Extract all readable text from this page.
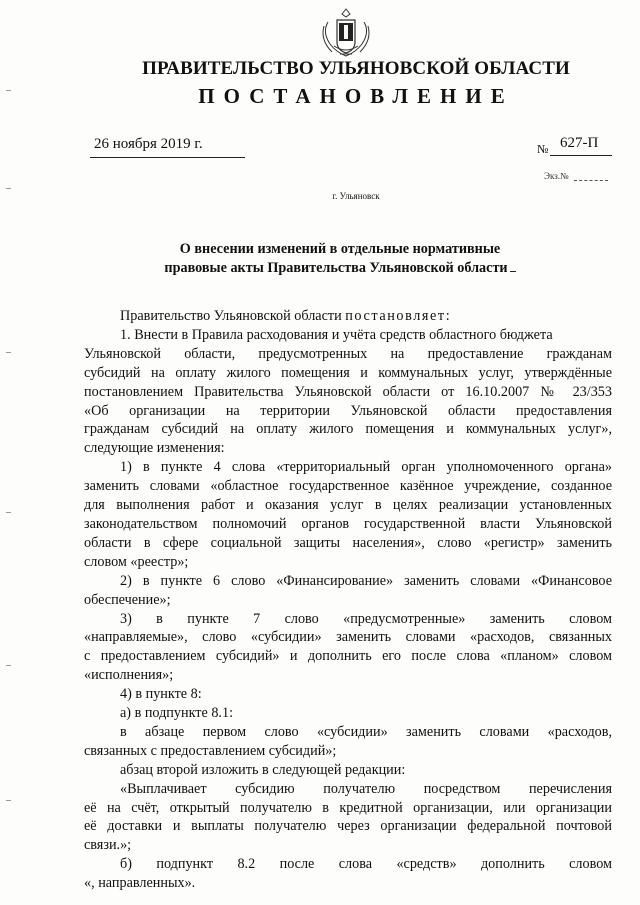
ПРАВИТЕЛЬСТВО УЛЬЯНОВСКОЙ ОБЛАСТИ
ПОСТАНОВЛЕНИЕ
26 ноября 2019 г.	№ 627-П
Экз.№
г. Ульяновск
О внесении изменений в отдельные нормативные
правовые акты Правительства Ульяновской области

Правительство Ульяновской области постановляет:

1. Внести в Правила расходования и учёта средств областного бюджета

Ульяновской области, предусмотренных на предоставление гражданам

субсидий на оплату жилого помещения и коммунальных услуг, утверждённые

постановлением Правительства Ульяновской области от 16.10.2007 № 23/353

«Об организации на территории Ульяновской области предоставления

гражданам субсидий на оплату жилого помещения и коммунальных услуг»,

следующие изменения:

1) в пункте 4 слова «территориальный орган уполномоченного органа»

заменить словами «областное государственное казённое учреждение, созданное

для выполнения работ и оказания услуг в целях реализации установленных

законодательством полномочий органов государственной власти Ульяновской

области в сфере социальной защиты населения», слово «регистр» заменить

словом «реестр»;

2) в пункте 6 слово «Финансирование» заменить словами «Финансовое

обеспечение»;

3) в пункте 7 слово «предусмотренные» заменить словом

«направляемые», слово «субсидии» заменить словами «расходов, связанных

с предоставлением субсидий» и дополнить его после слова «планом» словом

«исполнения»;

4) в пункте 8:

а) в подпункте 8.1:

в абзаце первом слово «субсидии» заменить словами «расходов,

связанных с предоставлением субсидий»;

абзац второй изложить в следующей редакции:

«Выплачивает субсидию получателю посредством перечисления

её на счёт, открытый получателю в кредитной организации, или организации

её доставки и выплаты получателю через организации федеральной почтовой

связи.»;

б) подпункт 8.2 после слова «средств» дополнить словом

«, направленных».
